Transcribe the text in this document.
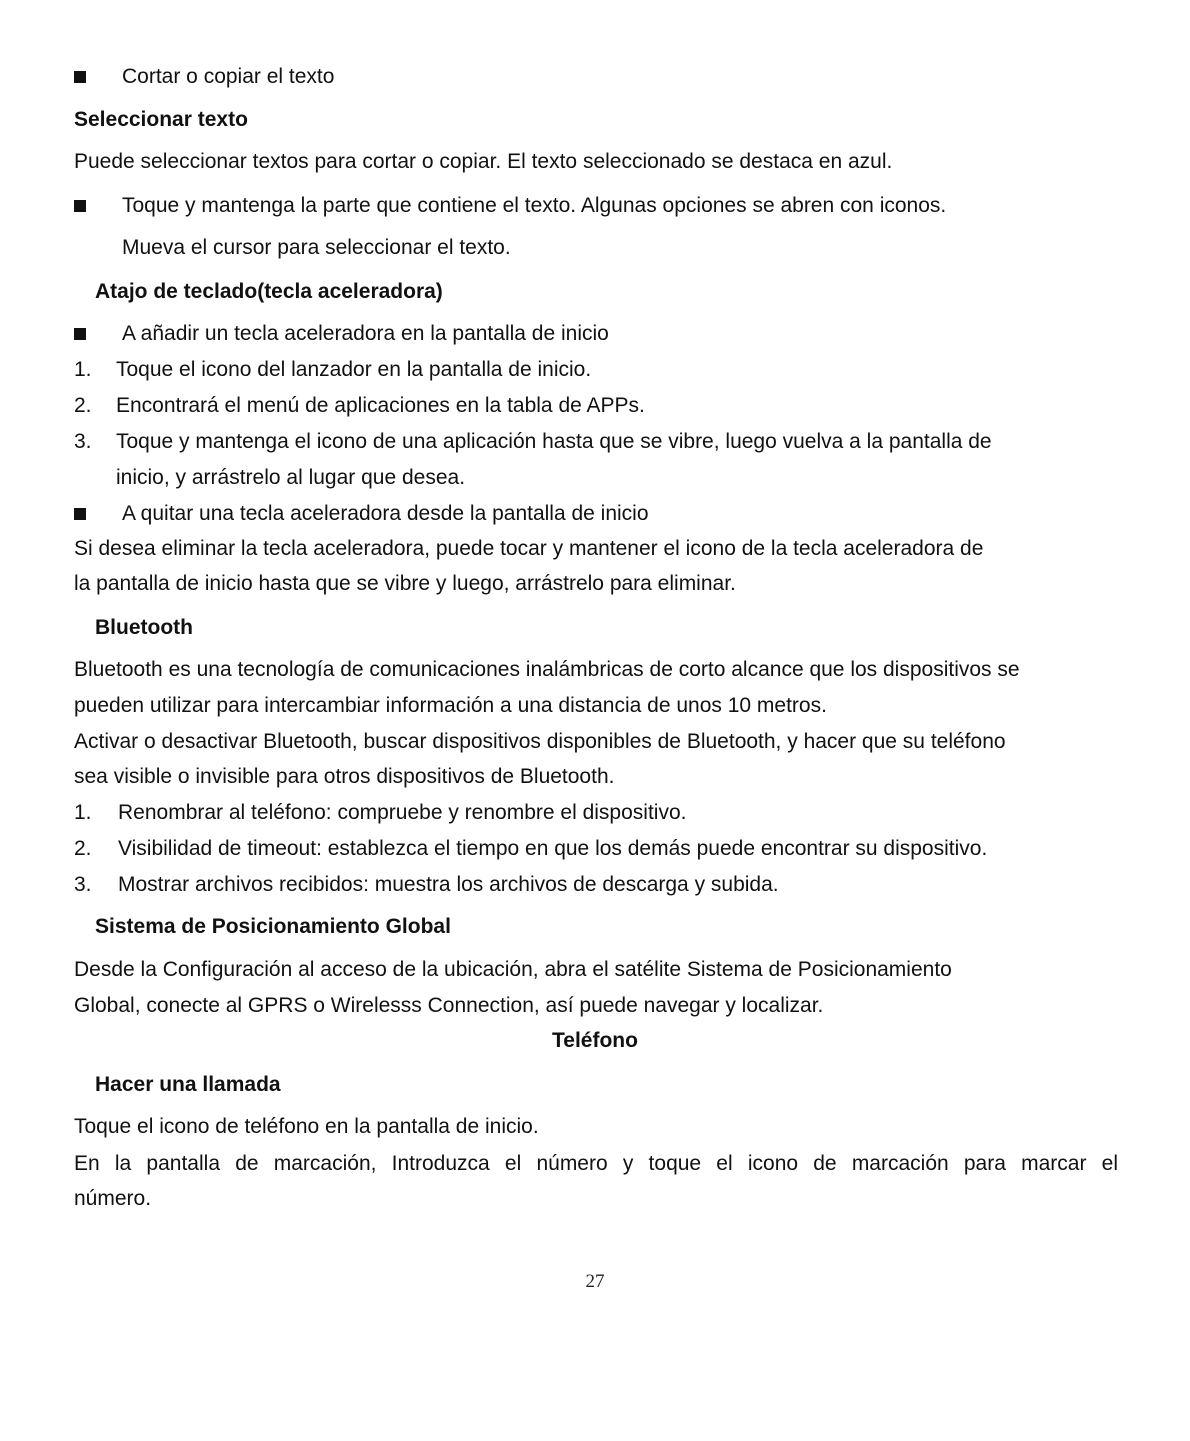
Cortar o copiar el texto
Seleccionar texto
Puede seleccionar textos para cortar o copiar. El texto seleccionado se destaca en azul.
Toque y mantenga la parte que contiene el texto. Algunas opciones se abren con iconos.
Mueva el cursor para seleccionar el texto.
Atajo de teclado(tecla aceleradora)
A añadir un tecla aceleradora en la pantalla de inicio
1. Toque el icono del lanzador en la pantalla de inicio.
2. Encontrará el menú de aplicaciones en la tabla de APPs.
3. Toque y mantenga el icono de una aplicación hasta que se vibre, luego vuelva a la pantalla de
inicio, y arrástrelo al lugar que desea.
A quitar una tecla aceleradora desde la pantalla de inicio
Si desea eliminar la tecla aceleradora, puede tocar y mantener el icono de la tecla aceleradora de
la pantalla de inicio hasta que se vibre y luego, arrástrelo para eliminar.
Bluetooth
Bluetooth es una tecnología de comunicaciones inalámbricas de corto alcance que los dispositivos se
pueden utilizar para intercambiar información a una distancia de unos 10 metros.
Activar o desactivar Bluetooth, buscar dispositivos disponibles de Bluetooth, y hacer que su teléfono
sea visible o invisible para otros dispositivos de Bluetooth.
1. Renombrar al teléfono: compruebe y renombre el dispositivo.
2. Visibilidad de timeout: establezca el tiempo en que los demás puede encontrar su dispositivo.
3. Mostrar archivos recibidos: muestra los archivos de descarga y subida.
Sistema de Posicionamiento Global
Desde la Configuración al acceso de la ubicación, abra el satélite Sistema de Posicionamiento
Global, conecte al GPRS o Wirelesss Connection, así puede navegar y localizar.
Teléfono
Hacer una llamada
Toque el icono de teléfono en la pantalla de inicio.
En la pantalla de marcación, Introduzca el número y toque el icono de marcación para marcar el
número.
27
